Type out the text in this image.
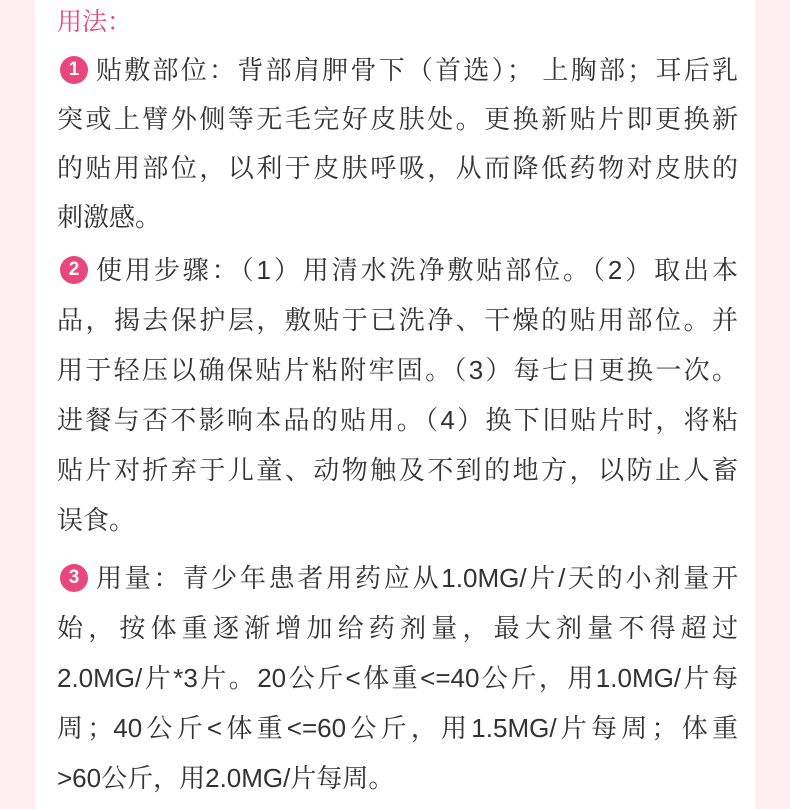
用法：
1 贴敷部位：背部肩胛骨下（首选）； 上胸部；耳后乳
突或上臂外侧等无毛完好皮肤处。更换新贴片即更换新
的贴用部位，以利于皮肤呼吸，从而降低药物对皮肤的
刺激感。
2 使用步骤：（1）用清水洗净敷贴部位。（2）取出本
品，揭去保护层，敷贴于已洗净、干燥的贴用部位。并
用于轻压以确保贴片粘附牢固。（3）每七日更换一次。
进餐与否不影响本品的贴用。（4）换下旧贴片时，将粘
贴片对折弃于儿童、动物触及不到的地方，以防止人畜
误食。
3 用量：青少年患者用药应从1.0MG/片/天的小剂量开
始，按体重逐渐增加给药剂量，最大剂量不得超过
2.0MG/片*3片。20公斤<体重<=40公斤，用1.0MG/片每
周；40公斤<体重<=60公斤，用1.5MG/片每周；体重
>60公斤，用2.0MG/片每周。
